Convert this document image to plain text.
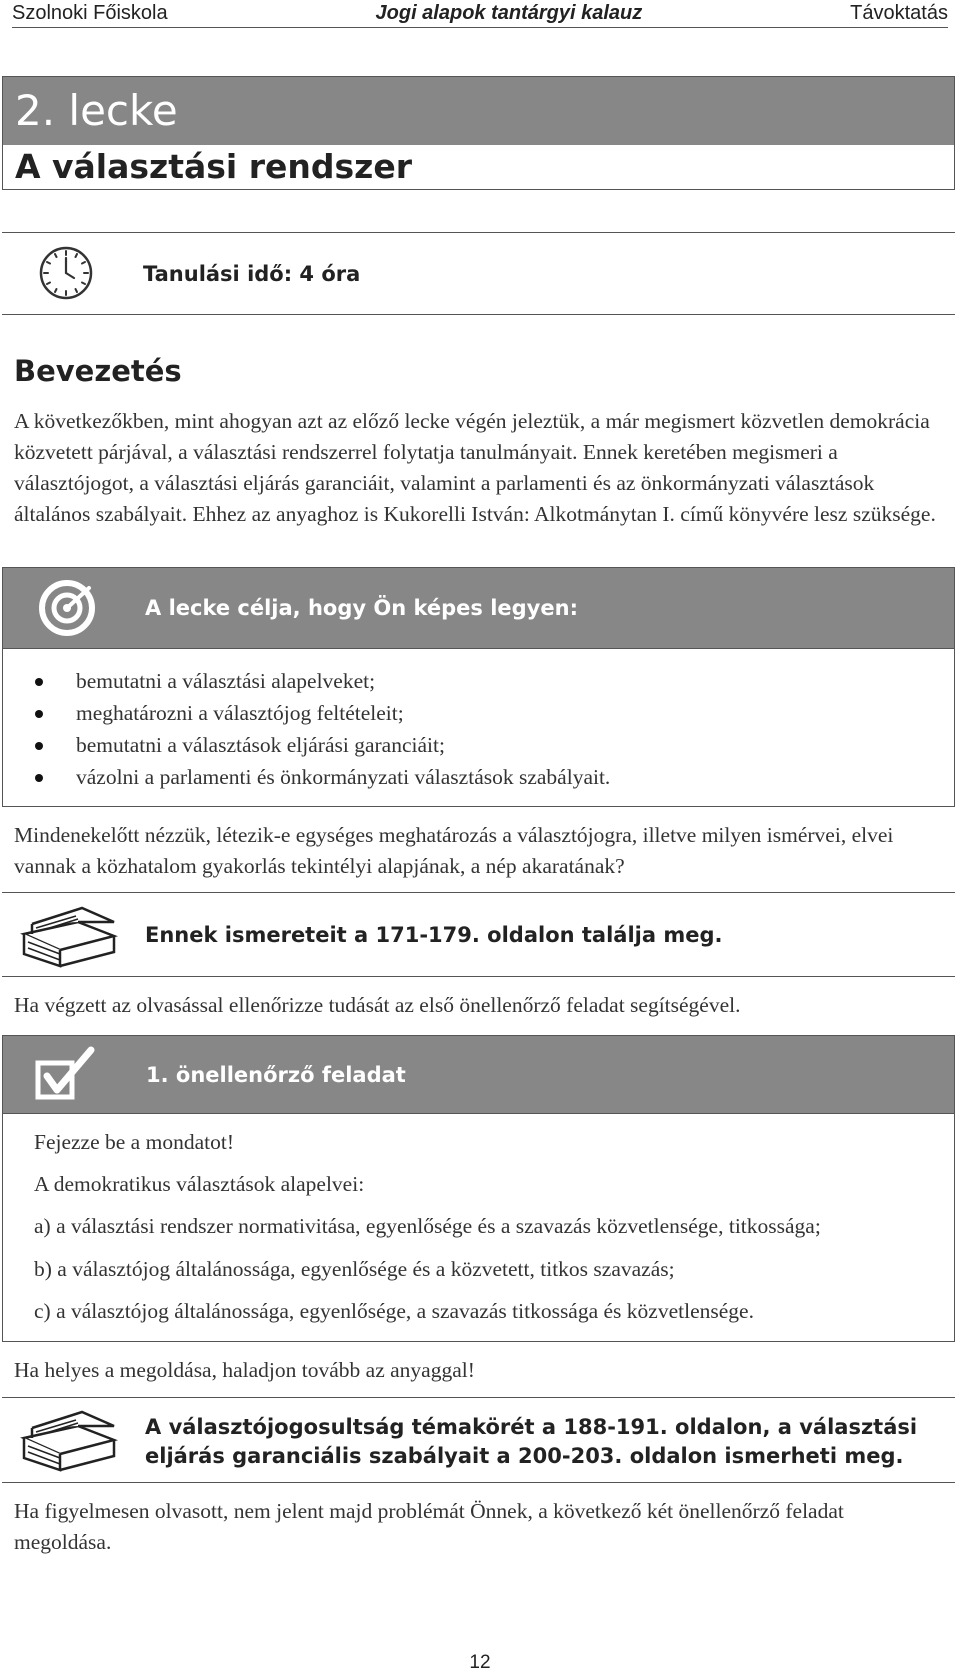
Szolnoki Főiskola	Jogi alapok tantárgyi kalauz	Távoktatás
2. lecke
A választási rendszer
Tanulási idő: 4 óra
Bevezetés
A következőkben, mint ahogyan azt az előző lecke végén jeleztük, a már megismert közvetlen demokrácia közvetett párjával, a választási rendszerrel folytatja tanulmányait. Ennek keretében megismeri a választójogot, a választási eljárás garanciáit, valamint a parlamenti és az önkormányzati választások általános szabályait. Ehhez az anyaghoz is Kukorelli István: Alkotmánytan I. című könyvére lesz szüksége.
A lecke célja, hogy Ön képes legyen:
bemutatni a választási alapelveket;
meghatározni a választójog feltételeit;
bemutatni a választások eljárási garanciáit;
vázolni a parlamenti és önkormányzati választások szabályait.
Mindenekelőtt nézzük, létezik-e egységes meghatározás a választójogra, illetve milyen ismérvei, elvei vannak a közhatalom gyakorlás tekintélyi alapjának, a nép akaratának?
Ennek ismereteit a 171-179. oldalon találja meg.
Ha végzett az olvasással ellenőrizze tudását az első önellenőrző feladat segítségével.
1. önellenőrző feladat
Fejezze be a mondatot!
A demokratikus választások alapelvei:
a) a választási rendszer normativitása, egyenlősége és a szavazás közvetlensége, titkossága;
b) a választójog általánossága, egyenlősége és a közvetett, titkos szavazás;
c) a választójog általánossága, egyenlősége, a szavazás titkossága és közvetlensége.
Ha helyes a megoldása, haladjon tovább az anyaggal!
A választójogosultság témakörét a 188-191. oldalon, a választási
eljárás garanciális szabályait a 200-203. oldalon ismerheti meg.
Ha figyelmesen olvasott, nem jelent majd problémát Önnek, a következő két önellenőrző feladat megoldása.
12
